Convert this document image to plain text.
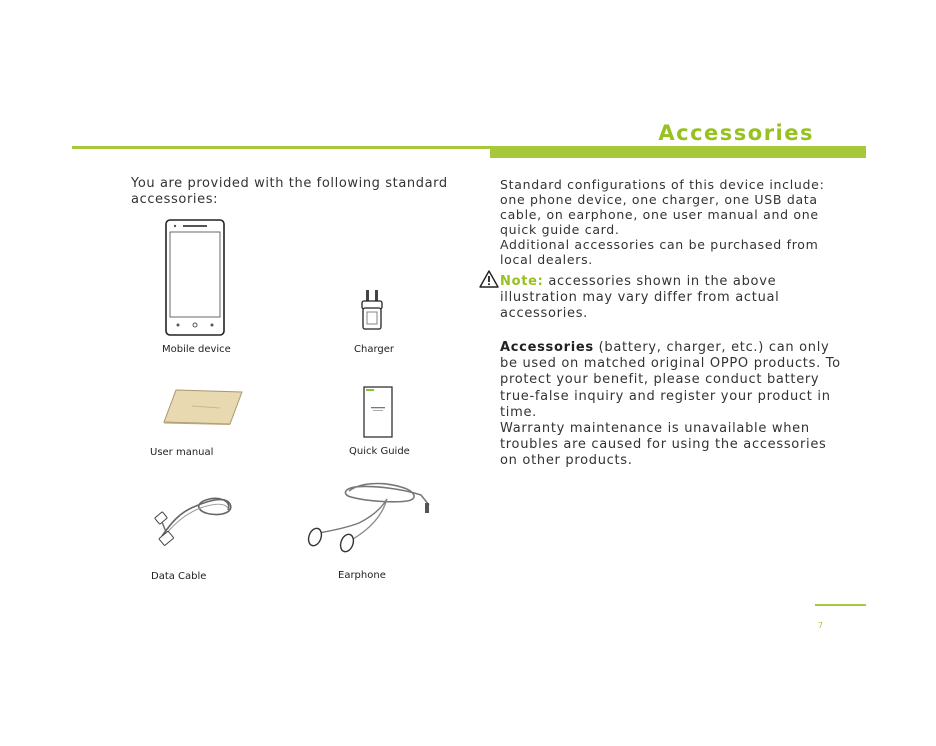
Accessories
You are provided with the following standard accessories:
Mobile device	Charger
User manual	Quick Guide
Data Cable	Earphone

Standard configurations of this device include: one phone device, one charger, one USB data cable, on earphone, one user manual and one quick guide card.

Additional accessories can be purchased from local dealers.

Note: accessories shown in the above illustration may vary differ from actual accessories.

Accessories (battery, charger, etc.) can only be used on matched original OPPO products. To protect your benefit, please conduct battery true-false inquiry and register your product in time.

Warranty maintenance is unavailable when troubles are caused for using the accessories on other products.

7
